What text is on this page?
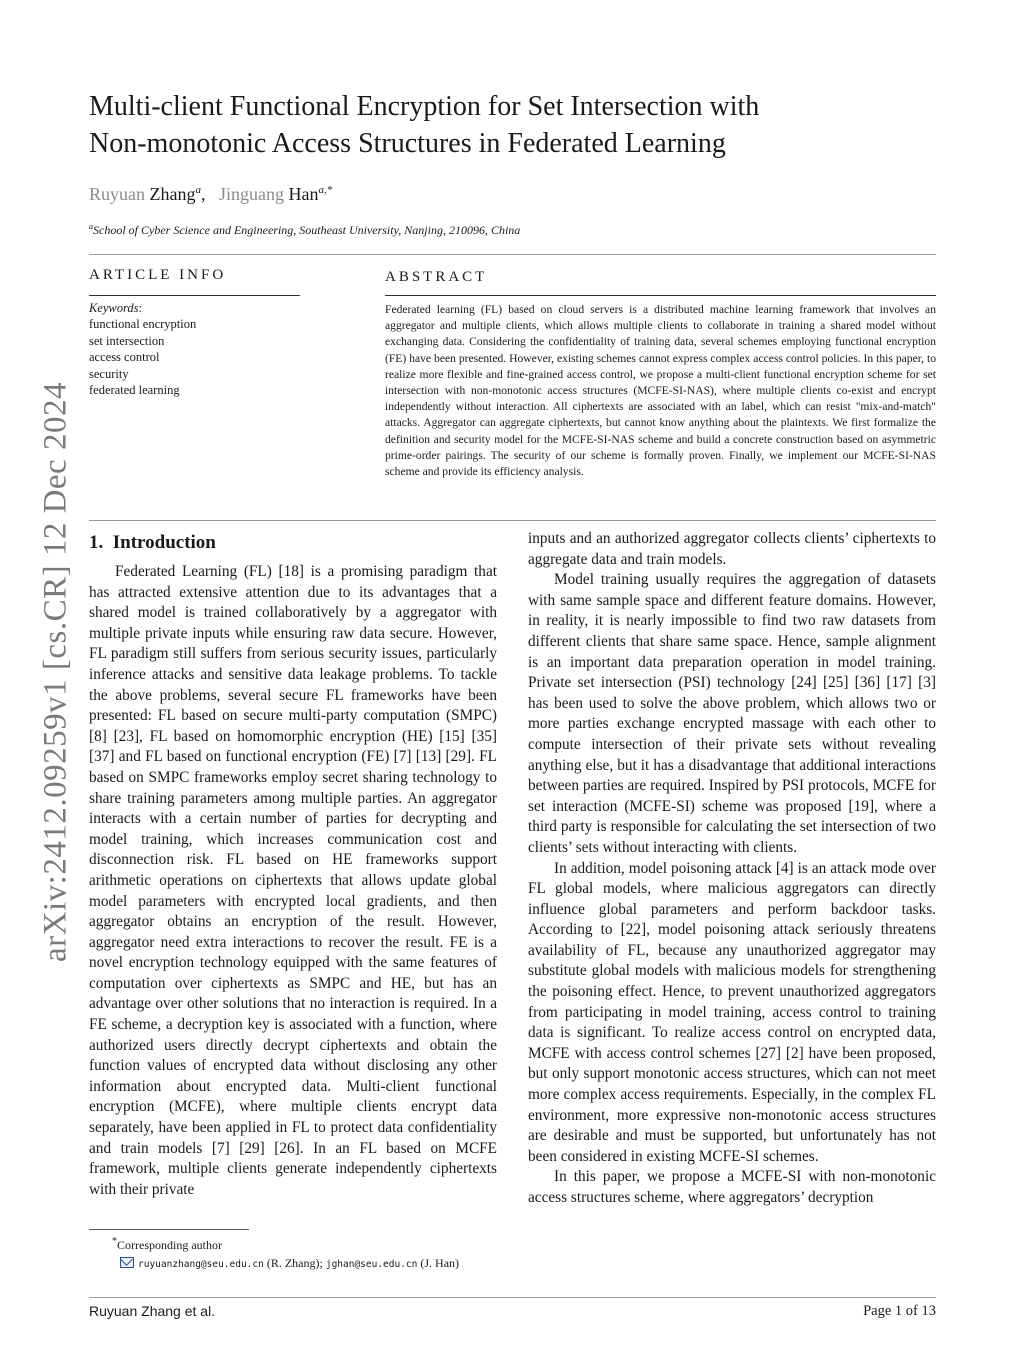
arXiv:2412.09259v1 [cs.CR] 12 Dec 2024
Multi-client Functional Encryption for Set Intersection with
Non-monotonic Access Structures in Federated Learning
Ruyuan Zhang$^a$,   Jinguang Han$^{a,*}$
$^a$School of Cyber Science and Engineering, Southeast University, Nanjing, 210096, China
ARTICLE INFO	ABSTRACT
Keywords:
functional encryption
set intersection
access control
security
federated learning
Federated learning (FL) based on cloud servers is a distributed machine learning framework that involves an aggregator and multiple clients, which allows multiple clients to collaborate in training a shared model without exchanging data. Considering the confidentiality of training data, several schemes employing functional encryption (FE) have been presented. However, existing schemes cannot express complex access control policies. In this paper, to realize more flexible and fine-grained access control, we propose a multi-client functional encryption scheme for set intersection with non-monotonic access structures (MCFE-SI-NAS), where multiple clients co-exist and encrypt independently without interaction. All ciphertexts are associated with an label, which can resist "mix-and-match" attacks. Aggregator can aggregate ciphertexts, but cannot know anything about the plaintexts. We first formalize the definition and security model for the MCFE-SI-NAS scheme and build a concrete construction based on asymmetric prime-order pairings. The security of our scheme is formally proven. Finally, we implement our MCFE-SI-NAS scheme and provide its efficiency analysis.
1. Introduction

Federated Learning (FL) [18] is a promising paradigm that has attracted extensive attention due to its advantages that a shared model is trained collaboratively by a aggregator with multiple private inputs while ensuring raw data secure. However, FL paradigm still suffers from serious security issues, particularly inference attacks and sensitive data leakage problems. To tackle the above problems, several secure FL frameworks have been presented: FL based on secure multi-party computation (SMPC) [8] [23], FL based on homomorphic encryption (HE) [15] [35] [37] and FL based on functional encryption (FE) [7] [13] [29]. FL based on SMPC frameworks employ secret sharing technology to share training parameters among multiple parties. An aggregator interacts with a certain number of parties for decrypting and model training, which increases communication cost and disconnection risk. FL based on HE frameworks support arithmetic operations on ciphertexts that allows update global model parameters with encrypted local gradients, and then aggregator obtains an encryption of the result. However, aggregator need extra interactions to recover the result. FE is a novel encryption technology equipped with the same features of computation over ciphertexts as SMPC and HE, but has an advantage over other solutions that no interaction is required. In a FE scheme, a decryption key is associated with a function, where authorized users directly decrypt ciphertexts and obtain the function values of encrypted data without disclosing any other information about encrypted data. Multi-client functional encryption (MCFE), where multiple clients encrypt data separately, have been applied in FL to protect data confidentiality and train models [7] [29] [26]. In an FL based on MCFE framework, multiple clients generate independently ciphertexts with their private

inputs and an authorized aggregator collects clients’ ciphertexts to aggregate data and train models.

Model training usually requires the aggregation of datasets with same sample space and different feature domains. However, in reality, it is nearly impossible to find two raw datasets from different clients that share same space. Hence, sample alignment is an important data preparation operation in model training. Private set intersection (PSI) technology [24] [25] [36] [17] [3] has been used to solve the above problem, which allows two or more parties exchange encrypted massage with each other to compute intersection of their private sets without revealing anything else, but it has a disadvantage that additional interactions between parties are required. Inspired by PSI protocols, MCFE for set interaction (MCFE-SI) scheme was proposed [19], where a third party is responsible for calculating the set intersection of two clients’ sets without interacting with clients.

In addition, model poisoning attack [4] is an attack mode over FL global models, where malicious aggregators can directly influence global parameters and perform backdoor tasks. According to [22], model poisoning attack seriously threatens availability of FL, because any unauthorized aggregator may substitute global models with malicious models for strengthening the poisoning effect. Hence, to prevent unauthorized aggregators from participating in model training, access control to training data is significant. To realize access control on encrypted data, MCFE with access control schemes [27] [2] have been proposed, but only support monotonic access structures, which can not meet more complex access requirements. Especially, in the complex FL environment, more expressive non-monotonic access structures are desirable and must be supported, but unfortunately has not been considered in existing MCFE-SI schemes.

In this paper, we propose a MCFE-SI with non-monotonic access structures scheme, where aggregators’ decryption

*Corresponding author
ruyuanzhang@seu.edu.cn (R. Zhang); jghan@seu.edu.cn (J. Han)
Ruyuan Zhang et al.	Page 1 of 13
